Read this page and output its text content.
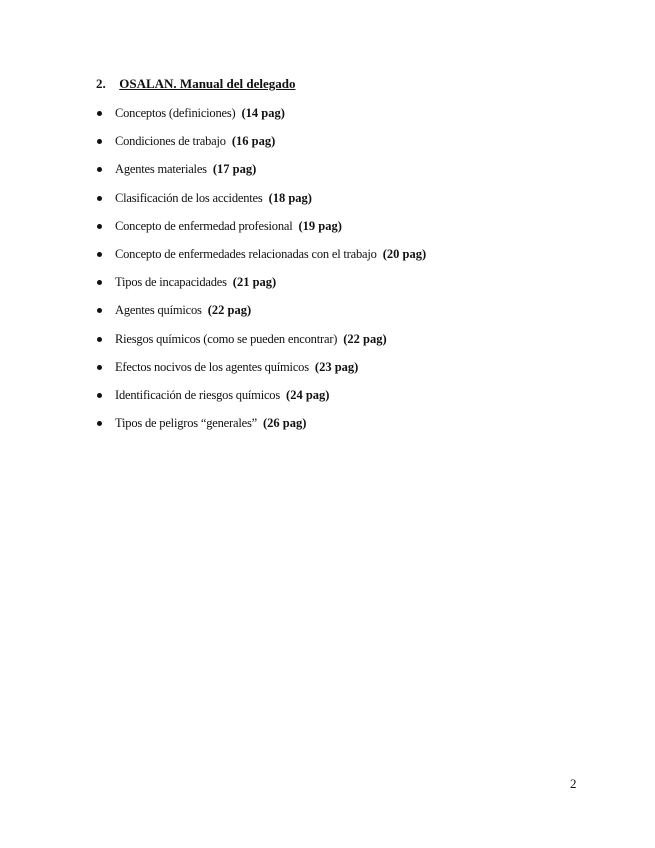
2. OSALAN. Manual del delegado
Conceptos (definiciones) (14 pag)
Condiciones de trabajo (16 pag)
Agentes materiales (17 pag)
Clasificación de los accidentes (18 pag)
Concepto de enfermedad profesional (19 pag)
Concepto de enfermedades relacionadas con el trabajo (20 pag)
Tipos de incapacidades (21 pag)
Agentes químicos (22 pag)
Riesgos químicos (como se pueden encontrar) (22 pag)
Efectos nocivos de los agentes químicos (23 pag)
Identificación de riesgos químicos (24 pag)
Tipos de peligros “generales” (26 pag)
2
